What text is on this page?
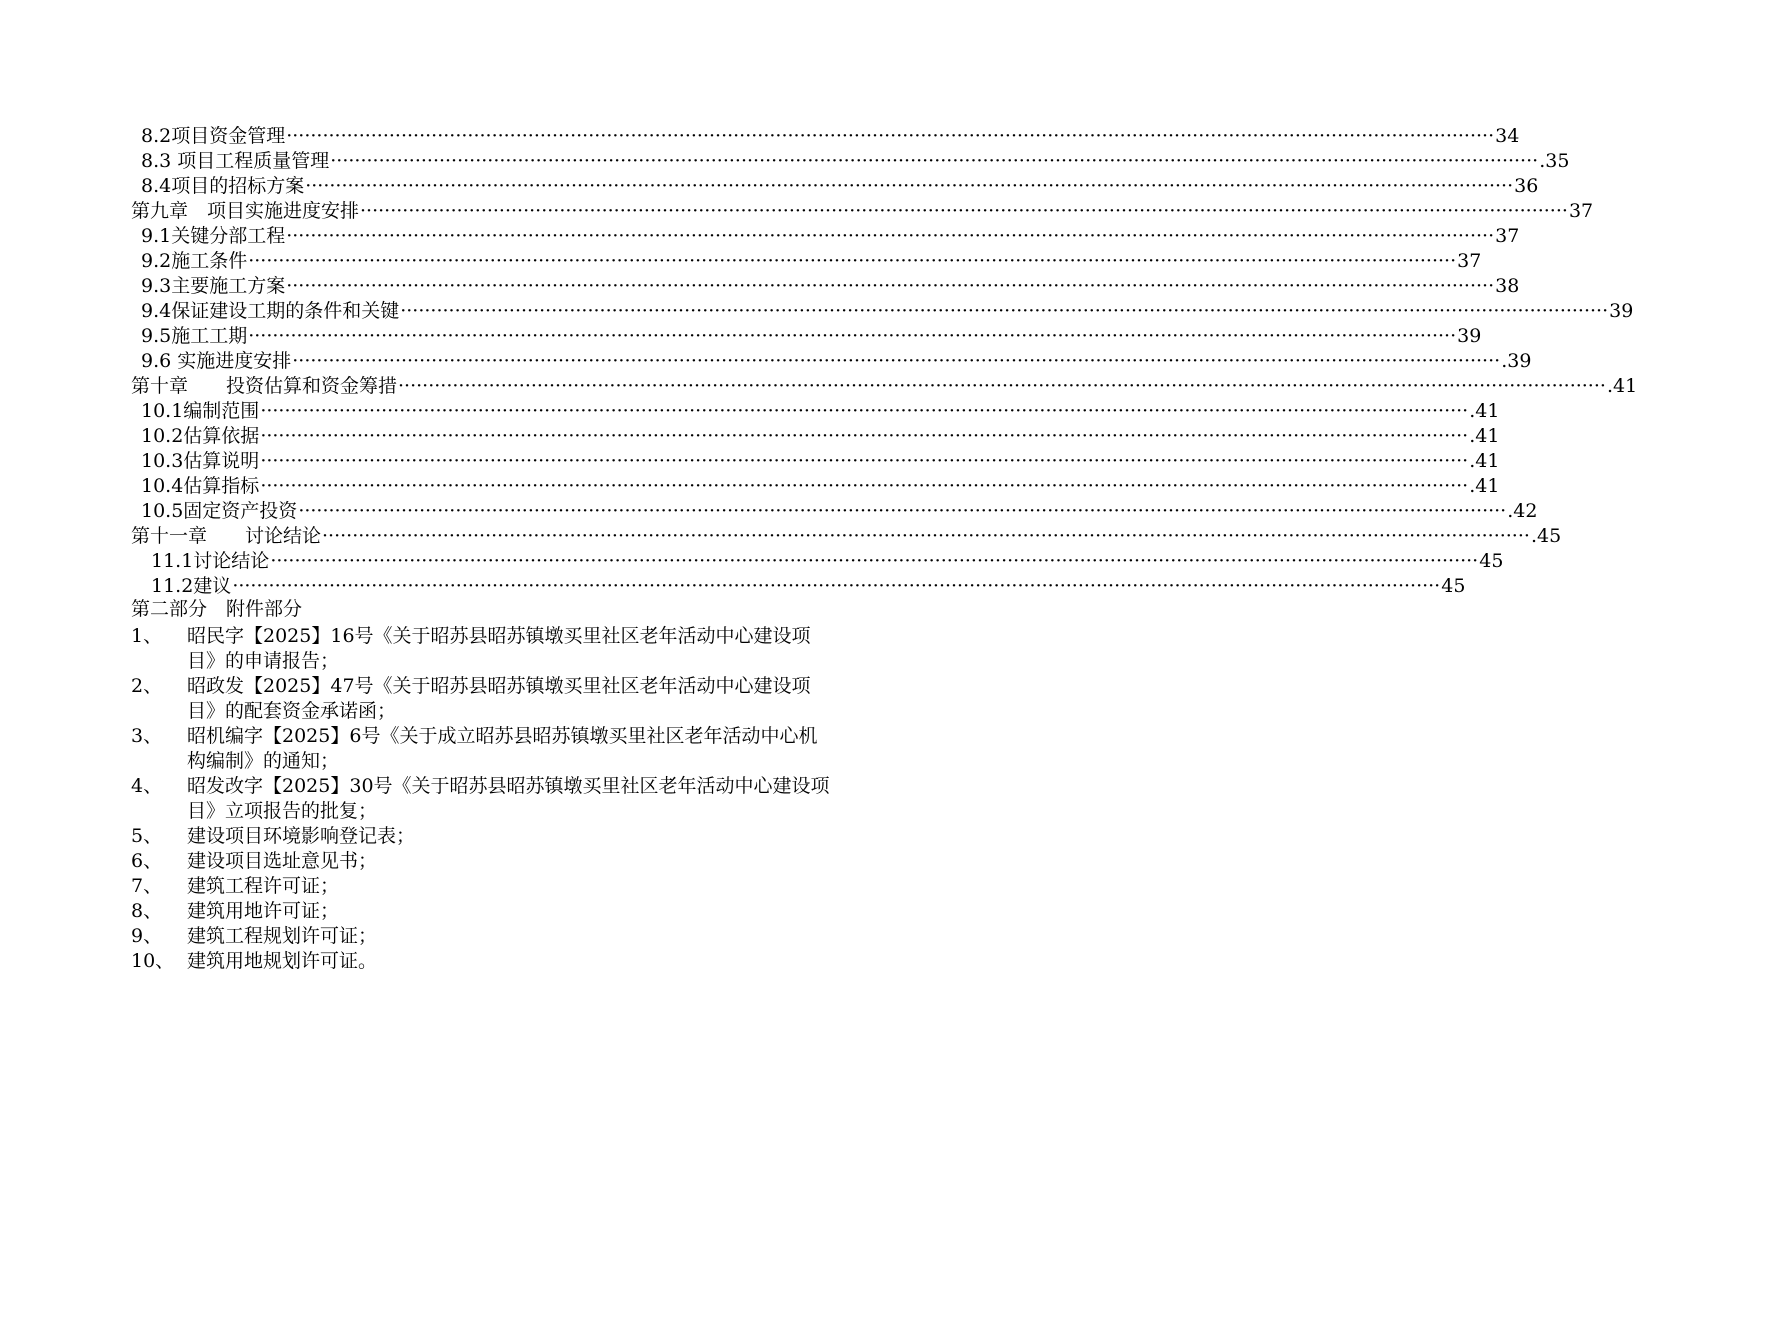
8.2项目资金管理 ········································································································································································································ 34
8.3 项目工程质量管理 ········································································································································································································ .35
8.4项目的招标方案 ········································································································································································································ 36
第九章　项目实施进度安排 ········································································································································································································ 37
9.1关键分部工程 ········································································································································································································ 37
9.2施工条件 ········································································································································································································ 37
9.3主要施工方案 ········································································································································································································ 38
9.4保证建设工期的条件和关键 ········································································································································································································ 39
9.5施工工期 ········································································································································································································ 39
9.6 实施进度安排 ········································································································································································································ .39
第十章　　投资估算和资金筹措 ········································································································································································································ .41
10.1编制范围 ········································································································································································································ .41
10.2估算依据 ········································································································································································································ .41
10.3估算说明 ········································································································································································································ .41
10.4估算指标 ········································································································································································································ .41
10.5固定资产投资 ········································································································································································································ .42
第十一章　　讨论结论 ········································································································································································································ .45
11.1讨论结论 ········································································································································································································ 45
11.2建议 ········································································································································································································ 45
第二部分　附件部分
1、	昭民字【2025】16号《关于昭苏县昭苏镇墩买里社区老年活动中心建设项目》的申请报告；
2、	昭政发【2025】47号《关于昭苏县昭苏镇墩买里社区老年活动中心建设项目》的配套资金承诺函；
3、	昭机编字【2025】6号《关于成立昭苏县昭苏镇墩买里社区老年活动中心机构编制》的通知；
4、	昭发改字【2025】30号《关于昭苏县昭苏镇墩买里社区老年活动中心建设项目》立项报告的批复；
5、	建设项目环境影响登记表；
6、	建设项目选址意见书；
7、	建筑工程许可证；
8、	建筑用地许可证；
9、	建筑工程规划许可证；
10、 建筑用地规划许可证。
